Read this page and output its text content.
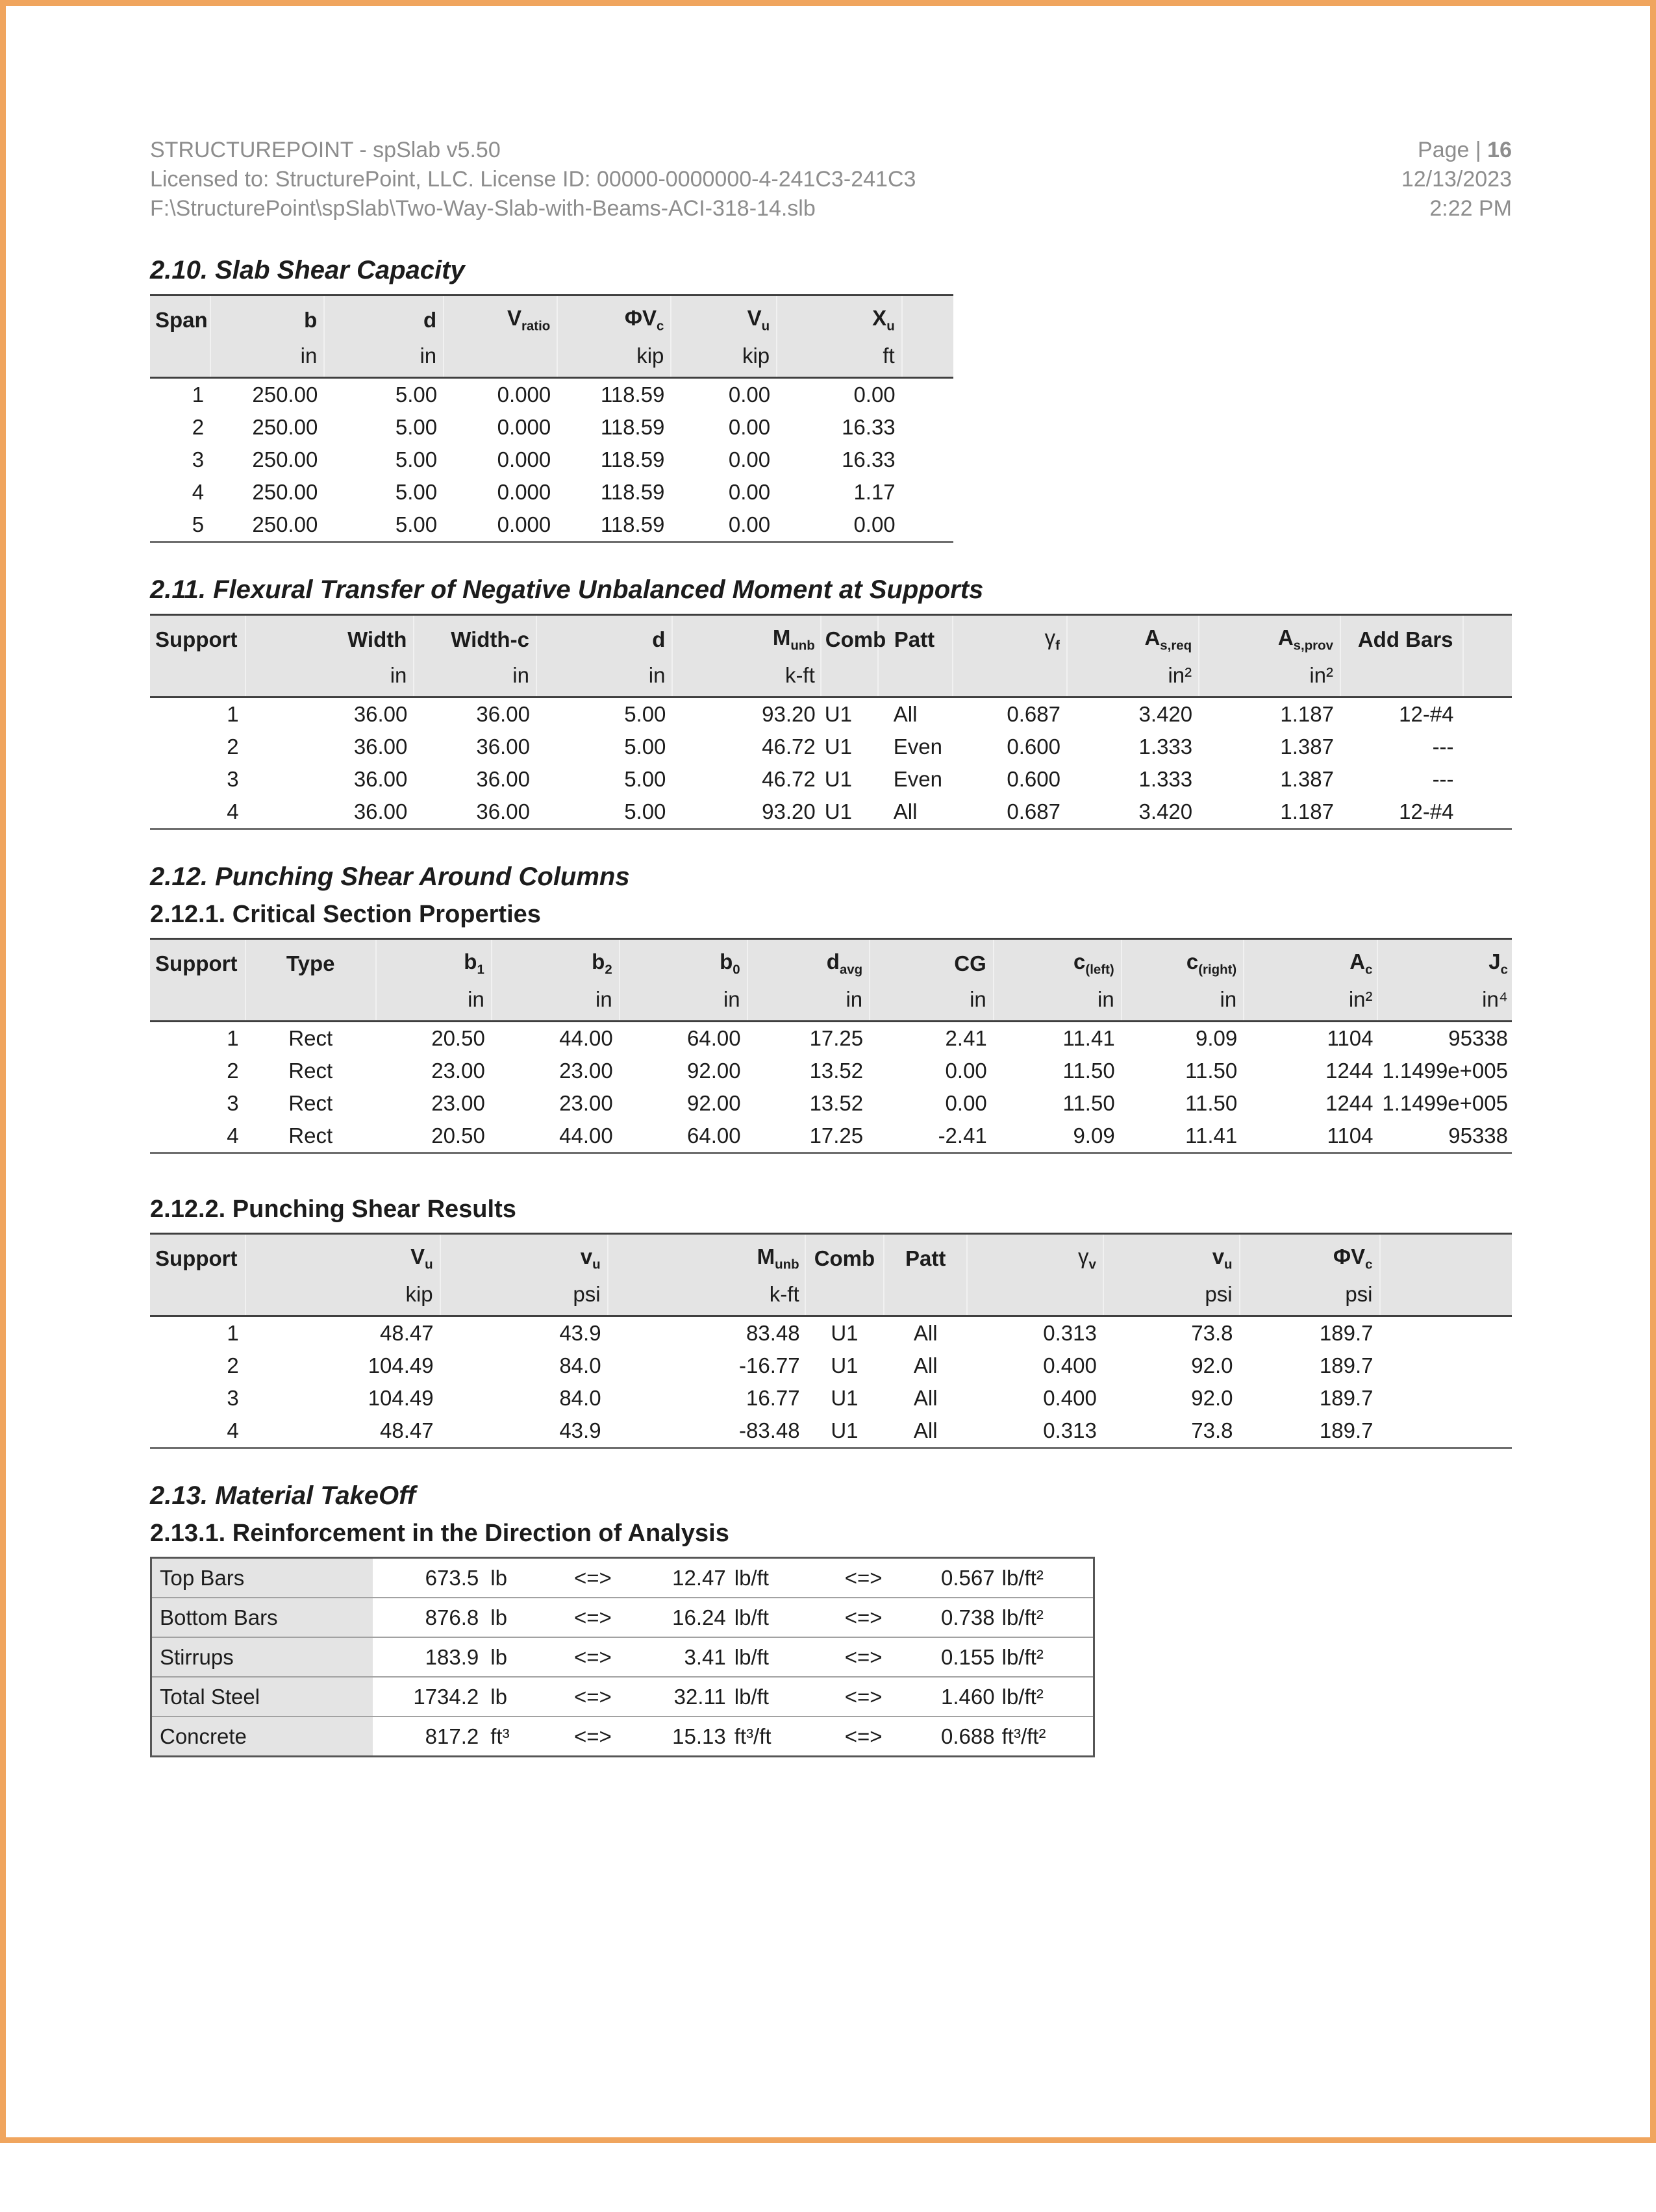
STRUCTUREPOINT - spSlab v5.50
Licensed to: StructurePoint, LLC. License ID: 00000-0000000-4-241C3-241C3
F:\StructurePoint\spSlab\Two-Way-Slab-with-Beams-ACI-318-14.slb
Page | 16
12/13/2023
2:22 PM
2.10. Slab Shear Capacity
Span	b	d	$V_{ratio}$	$\Phi V_c$	$V_u$	$X_u$	
	in	in		kip	kip	ft	
1	250.00	5.00	0.000	118.59	0.00	0.00	
2	250.00	5.00	0.000	118.59	0.00	16.33	
3	250.00	5.00	0.000	118.59	0.00	16.33	
4	250.00	5.00	0.000	118.59	0.00	1.17	
5	250.00	5.00	0.000	118.59	0.00	0.00	
2.11. Flexural Transfer of Negative Unbalanced Moment at Supports
Support	Width	Width-c	d	$M_{unb}$	Comb	Patt	$\gamma_f$	$A_{s,req}$	$A_{s,prov}$	Add Bars	
	in	in	in	k-ft				in²	in²		
1	36.00	36.00	5.00	93.20	U1	All	0.687	3.420	1.187	12-#4	
2	36.00	36.00	5.00	46.72	U1	Even	0.600	1.333	1.387	---	
3	36.00	36.00	5.00	46.72	U1	Even	0.600	1.333	1.387	---	
4	36.00	36.00	5.00	93.20	U1	All	0.687	3.420	1.187	12-#4	
2.12. Punching Shear Around Columns
2.12.1. Critical Section Properties
Support	Type	$b_1$	$b_2$	$b_0$	$d_{avg}$	CG	$c_{(left)}$	$c_{(right)}$	$A_c$	$J_c$
		in	in	in	in	in	in	in	in²	in⁴
1	Rect	20.50	44.00	64.00	17.25	2.41	11.41	9.09	1104	95338
2	Rect	23.00	23.00	92.00	13.52	0.00	11.50	11.50	1244	1.1499e+005
3	Rect	23.00	23.00	92.00	13.52	0.00	11.50	11.50	1244	1.1499e+005
4	Rect	20.50	44.00	64.00	17.25	-2.41	9.09	11.41	1104	95338
2.12.2. Punching Shear Results
Support	$V_u$	$v_u$	$M_{unb}$	Comb	Patt	$\gamma_v$	$v_u$	$\Phi V_c$	
	kip	psi	k-ft				psi	psi	
1	48.47	43.9	83.48	U1	All	0.313	73.8	189.7	
2	104.49	84.0	-16.77	U1	All	0.400	92.0	189.7	
3	104.49	84.0	16.77	U1	All	0.400	92.0	189.7	
4	48.47	43.9	-83.48	U1	All	0.313	73.8	189.7	
2.13. Material TakeOff
2.13.1. Reinforcement in the Direction of Analysis
Top Bars	673.5	lb	<=>	12.47	lb/ft	<=>	0.567	lb/ft²
Bottom Bars	876.8	lb	<=>	16.24	lb/ft	<=>	0.738	lb/ft²
Stirrups	183.9	lb	<=>	3.41	lb/ft	<=>	0.155	lb/ft²
Total Steel	1734.2	lb	<=>	32.11	lb/ft	<=>	1.460	lb/ft²
Concrete	817.2	ft³	<=>	15.13	ft³/ft	<=>	0.688	ft³/ft²
